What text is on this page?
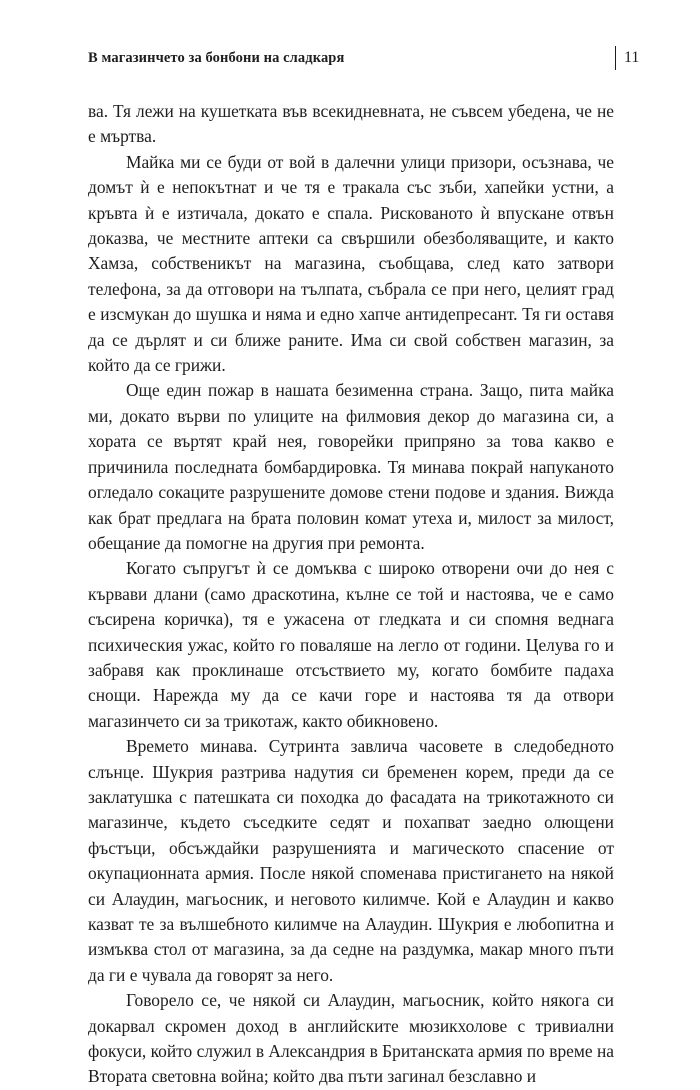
В магазинчето за бонбони на сладкаря	11

ва. Тя лежи на кушетката във всекидневната, не съвсем убедена, че не е мъртва.

Майка ми се буди от вой в далечни улици призори, осъзнава, че домът ѝ е непокътнат и че тя е тракала със зъби, хапейки устни, а кръвта ѝ е изтичала, докато е спала. Рискованото ѝ впускане отвън доказва, че местните аптеки са свършили обезболяващите, и както Хамза, собственикът на магазина, съобщава, след като затвори телефона, за да отговори на тълпата, събрала се при него, целият град е изсмукан до шушка и няма и едно хапче антидепресант. Тя ги оставя да се дърлят и си ближе раните. Има си свой собствен магазин, за който да се грижи.

Още един пожар в нашата безименна страна. Защо, пита майка ми, докато върви по улиците на филмовия декор до магазина си, а хората се въртят край нея, говорейки припряно за това какво е причинила последната бомбардировка. Тя минава покрай напуканото огледало сокаците разрушените домове стени подове и здания. Вижда как брат предлага на брата половин комат утеха и, милост за милост, обещание да помогне на другия при ремонта.

Когато съпругът ѝ се домъква с широко отворени очи до нея с кървави длани (само драскотина, кълне се той и настоява, че е само съсирена коричка), тя е ужасена от гледката и си спомня веднага психическия ужас, който го поваляше на легло от години. Целува го и забравя как проклинаше отсъствието му, когато бомбите падаха снощи. Нарежда му да се качи горе и настоява тя да отвори магазинчето си за трикотаж, както обикновено.

Времето минава. Сутринта завлича часовете в следобедното слънце. Шукрия разтрива надутия си бременен корем, преди да се заклатушка с патешката си походка до фасадата на трикотажното си магазинче, където съседките седят и похапват заедно олющени фъстъци, обсъждайки разрушенията и магическото спасение от окупационната армия. После някой споменава пристигането на някой си Алаудин, магьосник, и неговото килимче. Кой е Алаудин и какво казват те за вълшебното килимче на Алаудин. Шукрия е любопитна и измъква стол от магазина, за да седне на раздумка, макар много пъти да ги е чувала да говорят за него.

Говорело се, че някой си Алаудин, магьосник, който някога си докарвал скромен доход в английските мюзикхолове с тривиални фокуси, който служил в Александрия в Британската армия по време на Втората световна война; който два пъти загинал безславно и
